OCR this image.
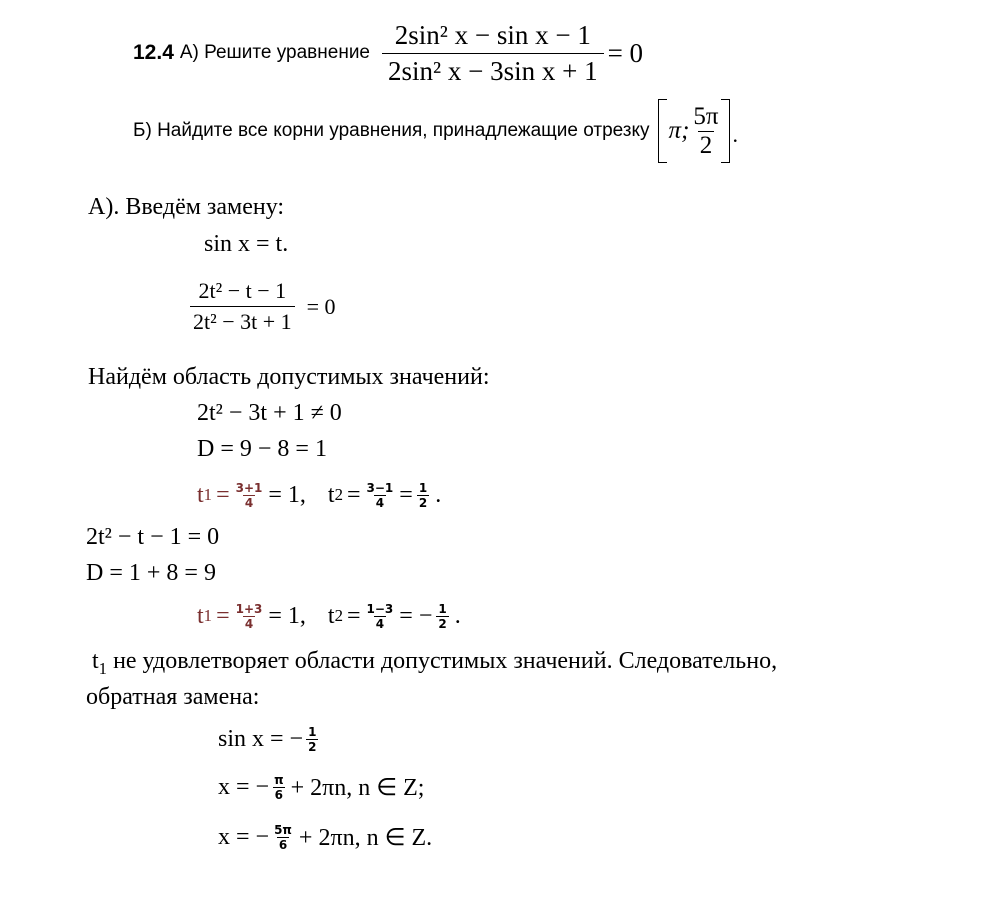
12.4 А) Решите уравнение $\frac{\text{2sin² x − sin x − 1}}{\text{2sin² x − 3sin x + 1}} = 0$
Б) Найдите все корни уравнения, принадлежащие отрезку π; $\frac{5\pi}{2}$ .
А). Введём замену:
sin x = t.
$\frac{\text{2t² − t − 1}}{\text{2t² − 3t + 1}} = 0$
Найдём область допустимых значений:
2t² − 3t + 1 ≠ 0
D = 9 − 8 = 1
t $1 = \frac{3+1}{4} = 1$, t $2 = \frac{3-1}{4} = \frac{1}{2}$ .
2t² − t − 1 = 0
D = 1 + 8 = 9
t $1 = \frac{1+3}{4} = 1$, t $2 = \frac{1-3}{4}$ = − $\frac{1}{2}$ .
$t_1$ не удовлетворяет области допустимых значений. Следовательно,
обратная замена:
sin x = − $\frac{1}{2}$
x = − $\frac{\pi}{6} + 2\pi n$, n ∈ Z;
x = − $\frac{5\pi}{6} + 2\pi n$, n ∈ Z.
